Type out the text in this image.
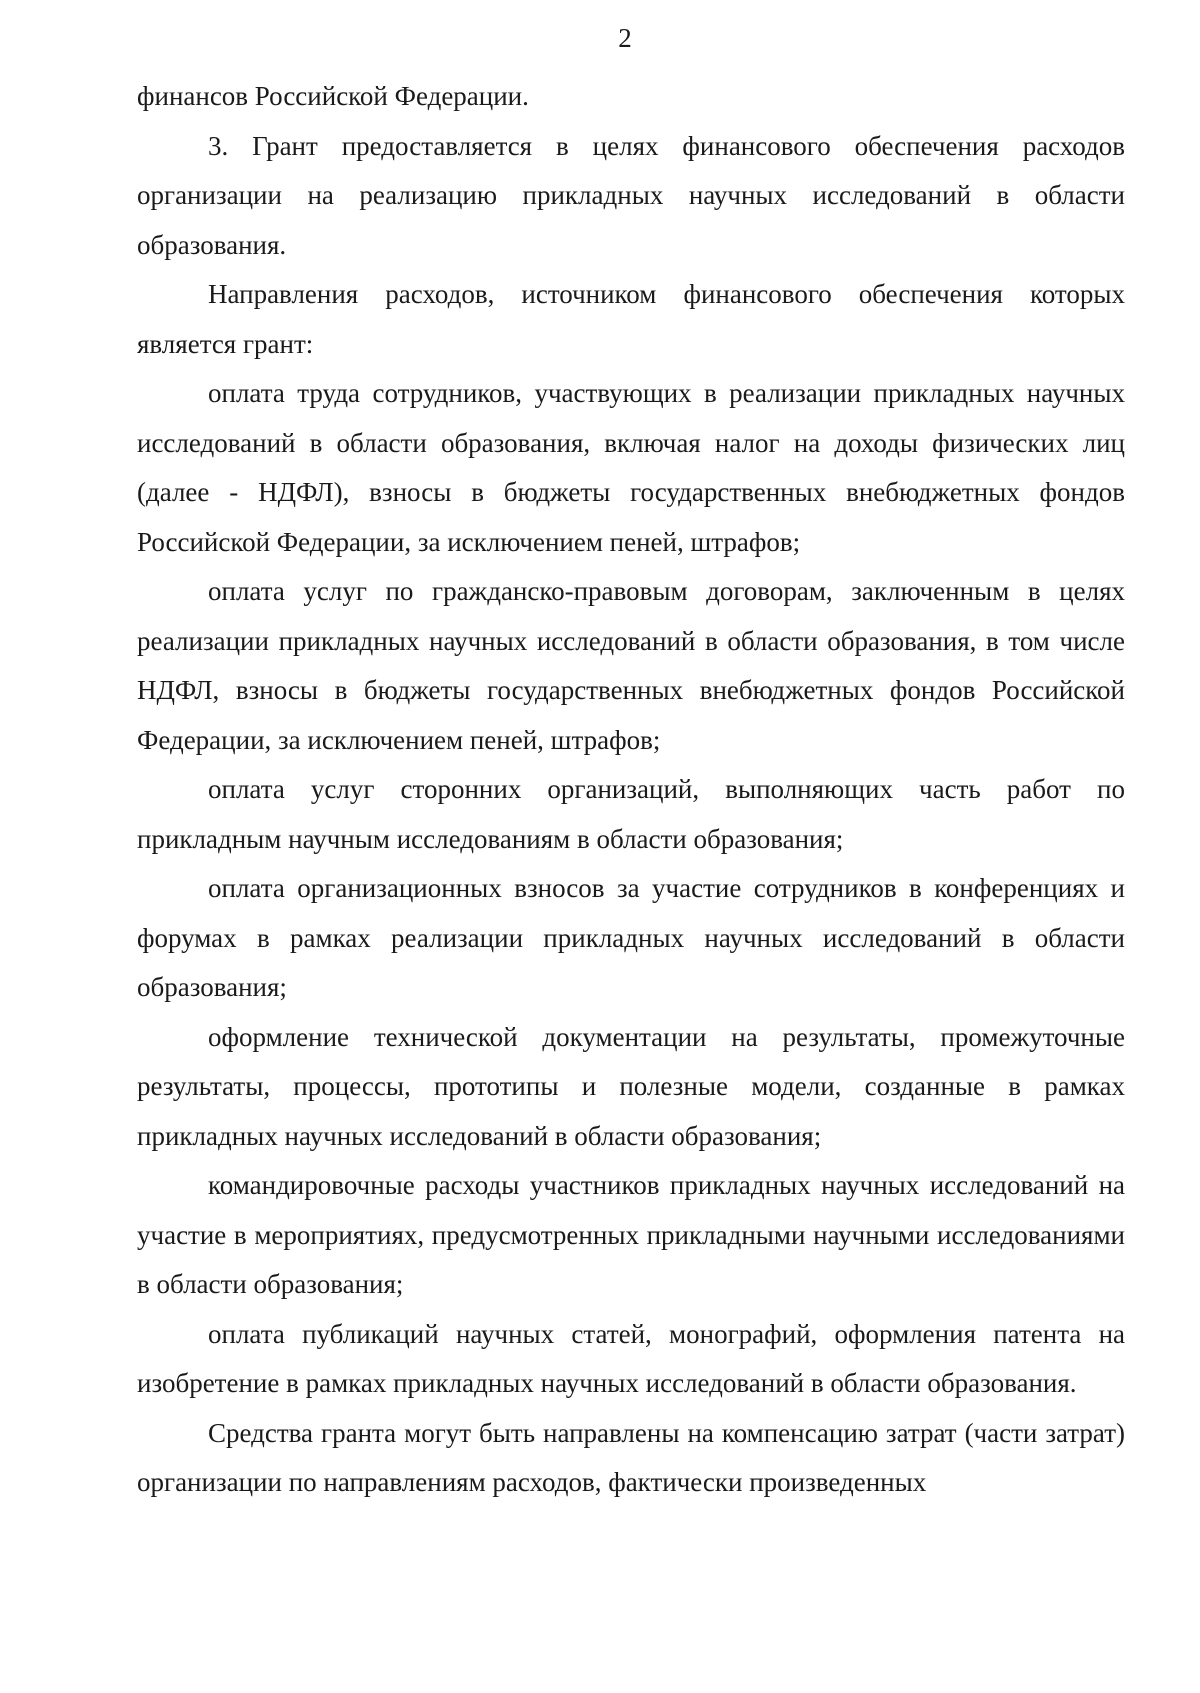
2

финансов Российской Федерации.

3. Грант предоставляется в целях финансового обеспечения расходов организации на реализацию прикладных научных исследований в области образования.

Направления расходов, источником финансового обеспечения которых является грант:

оплата труда сотрудников, участвующих в реализации прикладных научных исследований в области образования, включая налог на доходы физических лиц (далее - НДФЛ), взносы в бюджеты государственных внебюджетных фондов Российской Федерации, за исключением пеней, штрафов;

оплата услуг по гражданско-правовым договорам, заключенным в целях реализации прикладных научных исследований в области образования, в том числе НДФЛ, взносы в бюджеты государственных внебюджетных фондов Российской Федерации, за исключением пеней, штрафов;

оплата услуг сторонних организаций, выполняющих часть работ по прикладным научным исследованиям в области образования;

оплата организационных взносов за участие сотрудников в конференциях и форумах в рамках реализации прикладных научных исследований в области образования;

оформление технической документации на результаты, промежуточные результаты, процессы, прототипы и полезные модели, созданные в рамках прикладных научных исследований в области образования;

командировочные расходы участников прикладных научных исследований на участие в мероприятиях, предусмотренных прикладными научными исследованиями в области образования;

оплата публикаций научных статей, монографий, оформления патента на изобретение в рамках прикладных научных исследований в области образования.

Средства гранта могут быть направлены на компенсацию затрат (части затрат) организации по направлениям расходов, фактически произведенных
